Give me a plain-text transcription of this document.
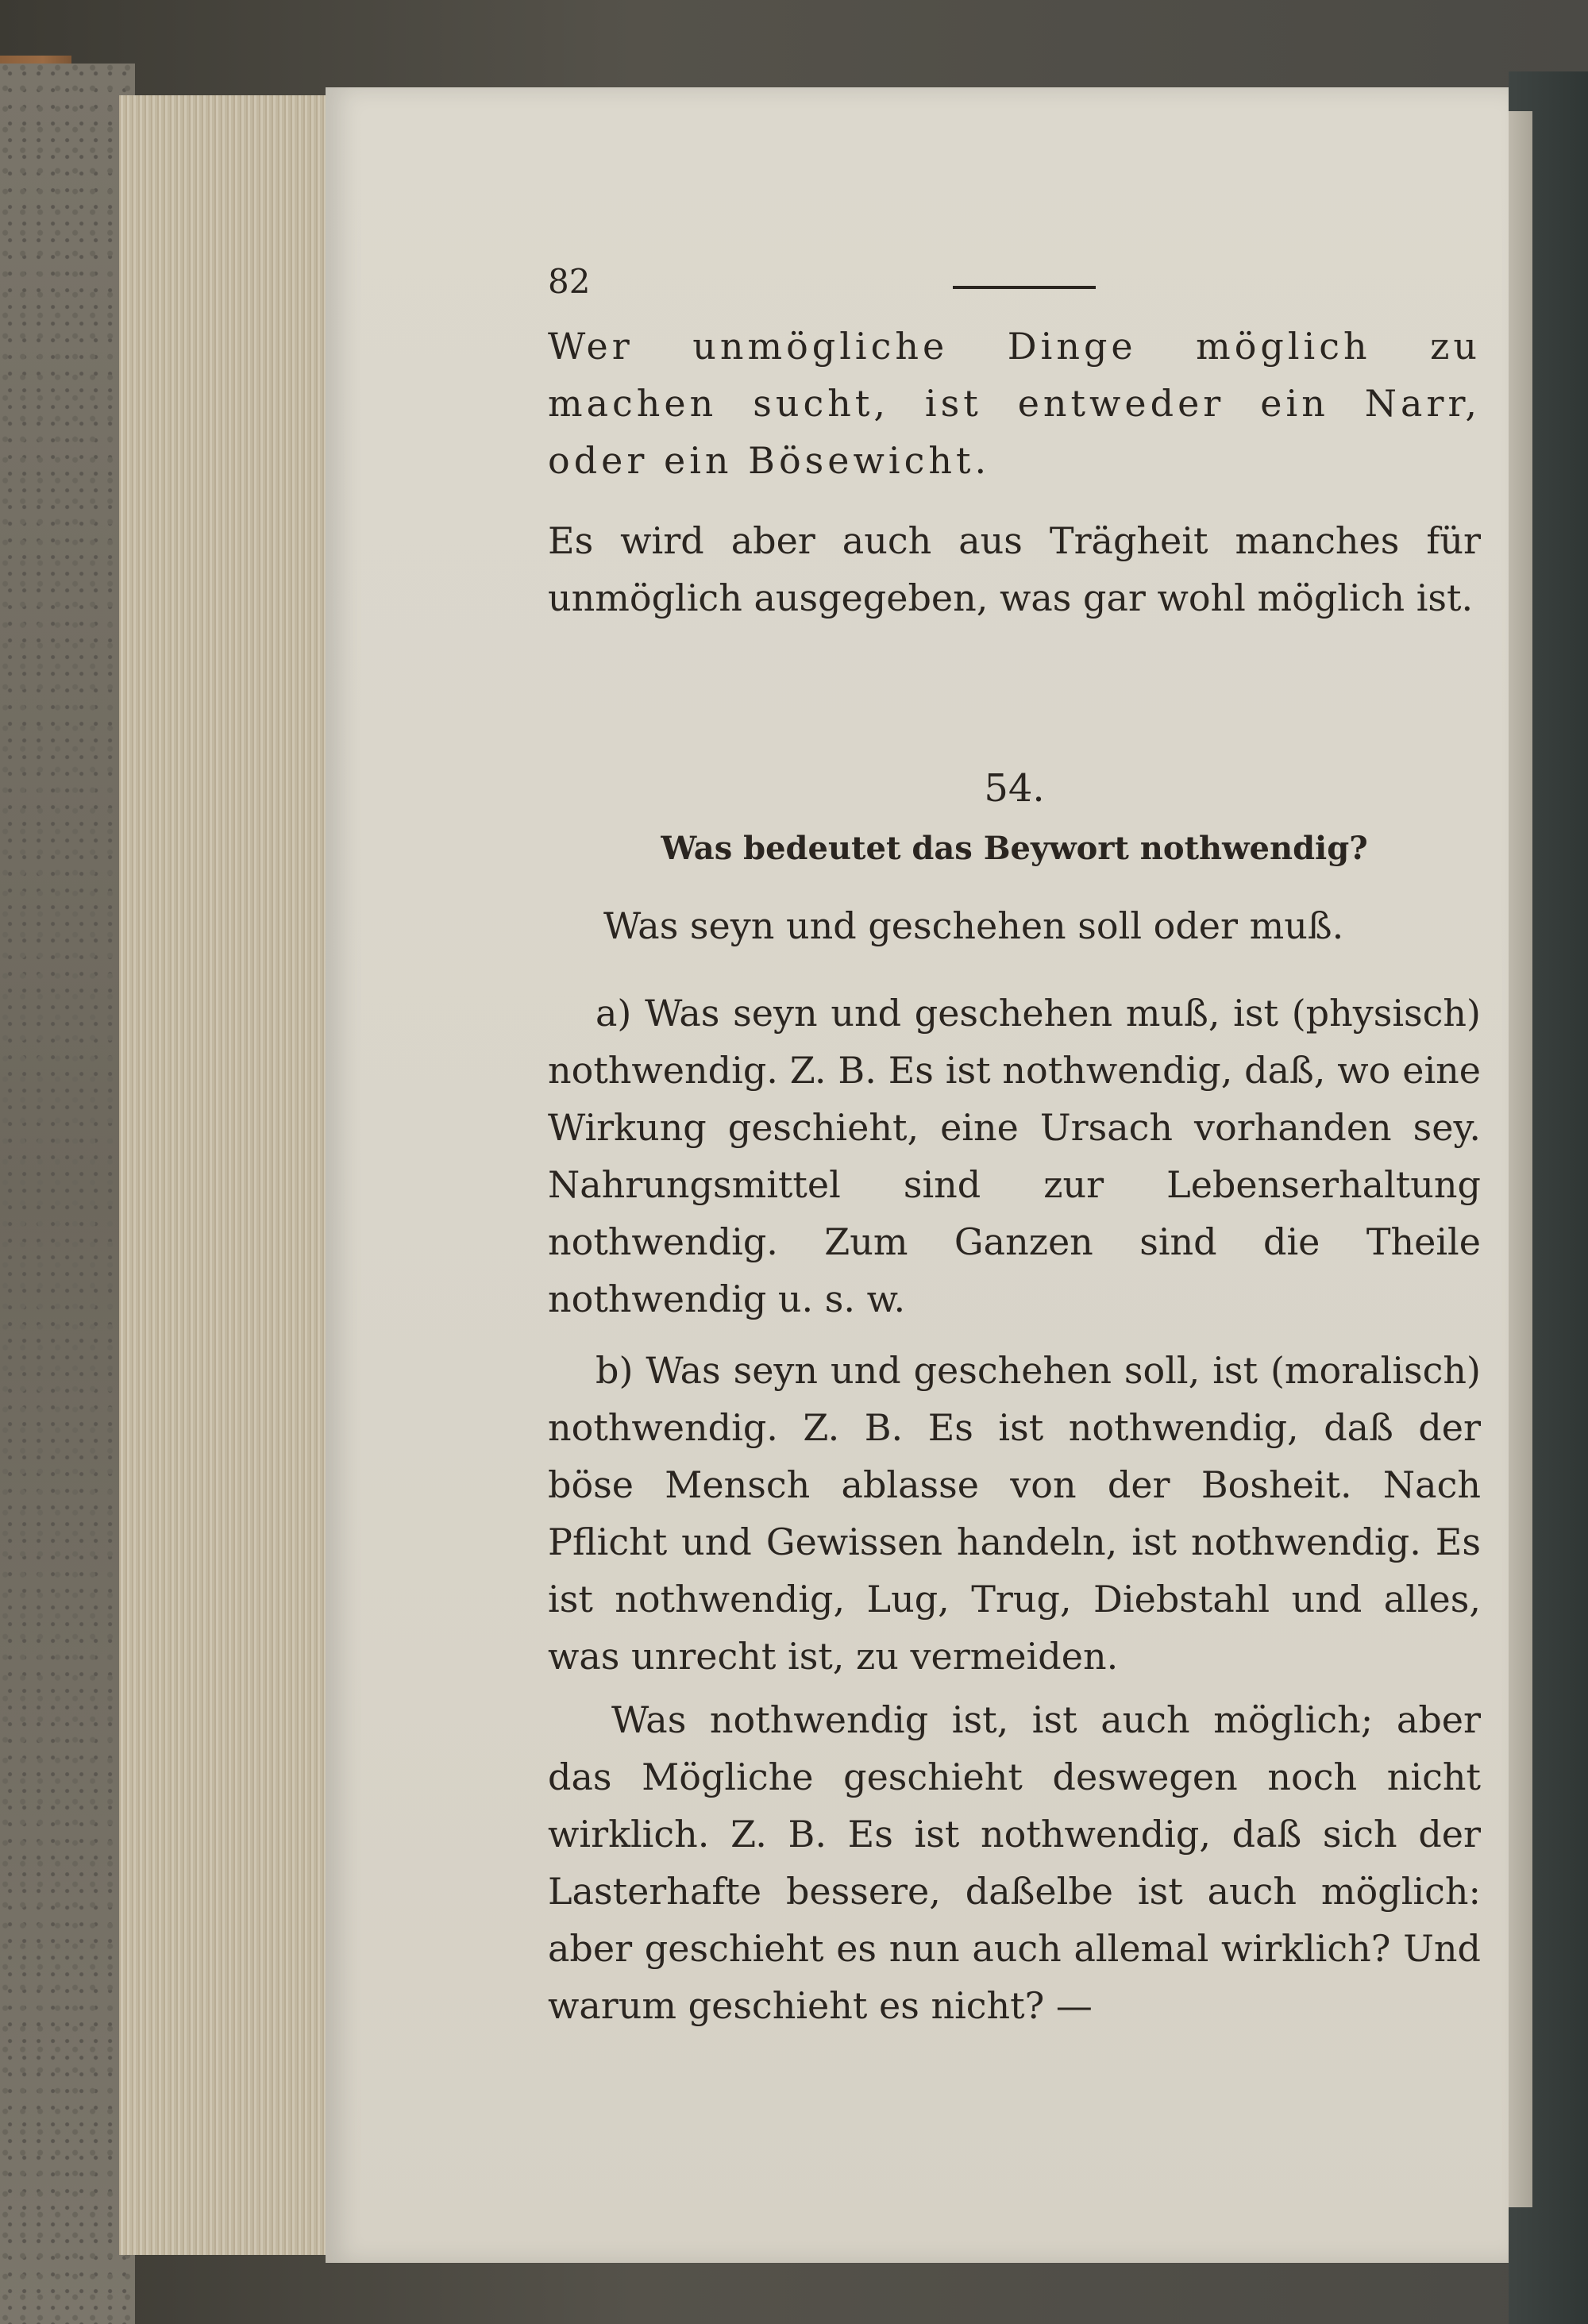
82
Wer unmögliche Dinge möglich zu machen sucht, ist entweder ein Narr, oder ein Bösewicht.
Es wird aber auch aus Trägheit manches für unmöglich ausgegeben, was gar wohl möglich ist.
54.
Was bedeutet das Beywort nothwendig?
Was seyn und geschehen soll oder muß.
a) Was seyn und geschehen muß, ist (physisch) nothwendig. Z. B. Es ist nothwendig, daß, wo eine Wirkung geschieht, eine Ursach vorhanden sey. Nahrungsmittel sind zur Lebenserhaltung nothwendig. Zum Ganzen sind die Theile nothwendig u. s. w.
b) Was seyn und geschehen soll, ist (moralisch) nothwendig. Z. B. Es ist nothwendig, daß der böse Mensch ablasse von der Bosheit. Nach Pflicht und Gewissen handeln, ist nothwendig. Es ist nothwendig, Lug, Trug, Diebstahl und alles, was unrecht ist, zu vermeiden.
Was nothwendig ist, ist auch möglich; aber das Mögliche geschieht deswegen noch nicht wirklich. Z. B. Es ist nothwendig, daß sich der Lasterhafte bessere, daßelbe ist auch möglich: aber geschieht es nun auch allemal wirklich? Und warum geschieht es nicht? —
